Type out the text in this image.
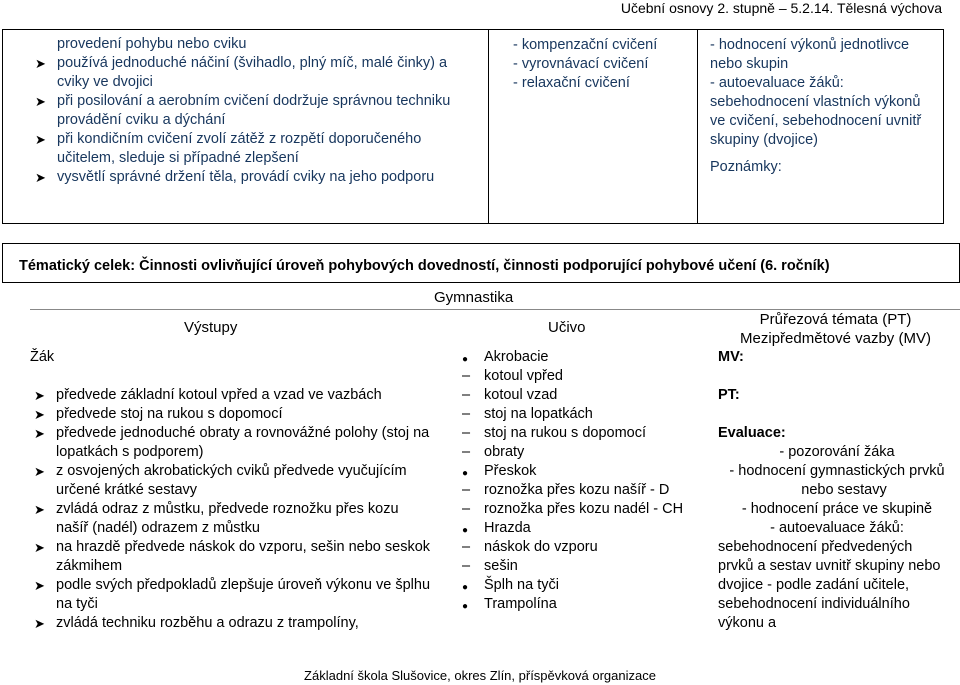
Učební osnovy 2. stupně – 5.2.14. Tělesná výchova
provedení pohybu nebo cviku
➤ používá jednoduché náčiní (švihadlo, plný míč, malé činky) a cviky ve dvojici
➤ při posilování a aerobním cvičení dodržuje správnou techniku provádění cviku a dýchání
➤ při kondičním cvičení zvolí zátěž z rozpětí doporučeného učitelem, sleduje si případné zlepšení
➤ vysvětlí správné držení těla, provádí cviky na jeho podporu
- kompenzační cvičení
- vyrovnávací cvičení
- relaxační cvičení
- hodnocení výkonů jednotlivce nebo skupin
- autoevaluace žáků: sebehodnocení vlastních výkonů ve cvičení, sebehodnocení uvnitř skupiny (dvojice)
Poznámky:
Tématický celek: Činnosti ovlivňující úroveň pohybových dovedností, činnosti podporující pohybové učení (6. ročník)
Gymnastika
Výstupy	Učivo	Průřezová témata (PT) Mezipředmětové vazby (MV)
Žák
➤ předvede základní kotoul vpřed a vzad ve vazbách
➤ předvede stoj na rukou s dopomocí
➤ předvede jednoduché obraty a rovnovážné polohy (stoj na lopatkách s podporem)
➤ z osvojených akrobatických cviků předvede vyučujícím určené krátké sestavy
➤ zvládá odraz z můstku, předvede roznožku přes kozu našíř (nadél) odrazem z můstku
➤ na hrazdě předvede náskok do vzporu, sešin nebo seskok zákmihem
➤ podle svých předpokladů zlepšuje úroveň výkonu ve šplhu na tyči
➤ zvládá techniku rozběhu a odrazu z trampolíny,
● Akrobacie
– kotoul vpřed
– kotoul vzad
– stoj na lopatkách
– stoj na rukou s dopomocí
– obraty
● Přeskok
– roznožka přes kozu našíř - D
– roznožka přes kozu nadél - CH
● Hrazda
– náskok do vzporu
– sešin
● Šplh na tyči
● Trampolína
MV:
PT:
Evaluace:
- pozorování žáka
- hodnocení gymnastických prvků nebo sestavy
- hodnocení práce ve skupině
- autoevaluace žáků:
sebehodnocení předvedených prvků a sestav uvnitř skupiny nebo dvojice - podle zadání učitele, sebehodnocení individuálního výkonu a
Základní škola Slušovice, okres Zlín, příspěvková organizace
